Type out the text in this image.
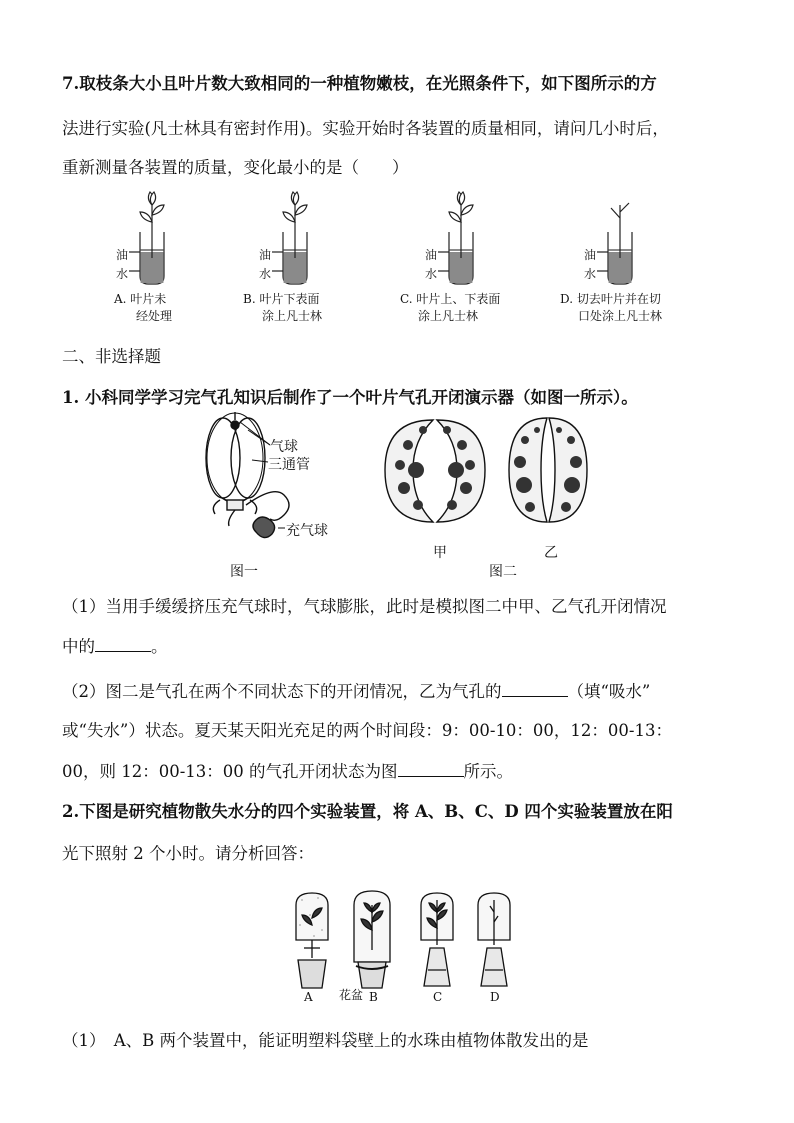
7.取枝条大小且叶片数大致相同的一种植物嫩枝，在光照条件下，如下图所示的方
法进行实验(凡士林具有密封作用)。实验开始时各装置的质量相同，请问几小时后，
重新测量各装置的质量，变化最小的是（　　）
油
水
油
水
油
水
油
水
A. 叶片未
经处理
B. 叶片下表面
涂上凡士林
C. 叶片上、下表面
涂上凡士林
D. 切去叶片并在切
口处涂上凡士林
二、非选择题
1. 小科同学学习完气孔知识后制作了一个叶片气孔开闭演示器（如图一所示）。
气球
三通管
充气球
图一
甲	乙
图二
（1）当用手缓缓挤压充气球时，气球膨胀，此时是模拟图二中甲、乙气孔开闭情况
中的	。
（2）图二是气孔在两个不同状态下的开闭情况，乙为气孔的	（填“吸水”
或“失水”）状态。夏天某天阳光充足的两个时间段：9：00-10：00，12：00-13：
00，则 12：00-13：00 的气孔开闭状态为图	所示。
2.下图是研究植物散失水分的四个实验装置，将 A、B、C、D 四个实验装置放在阳
光下照射 2 个小时。请分析回答：
A 花盆 B	C	D
（1）　A、B 两个装置中，能证明塑料袋壁上的水珠由植物体散发出的是
